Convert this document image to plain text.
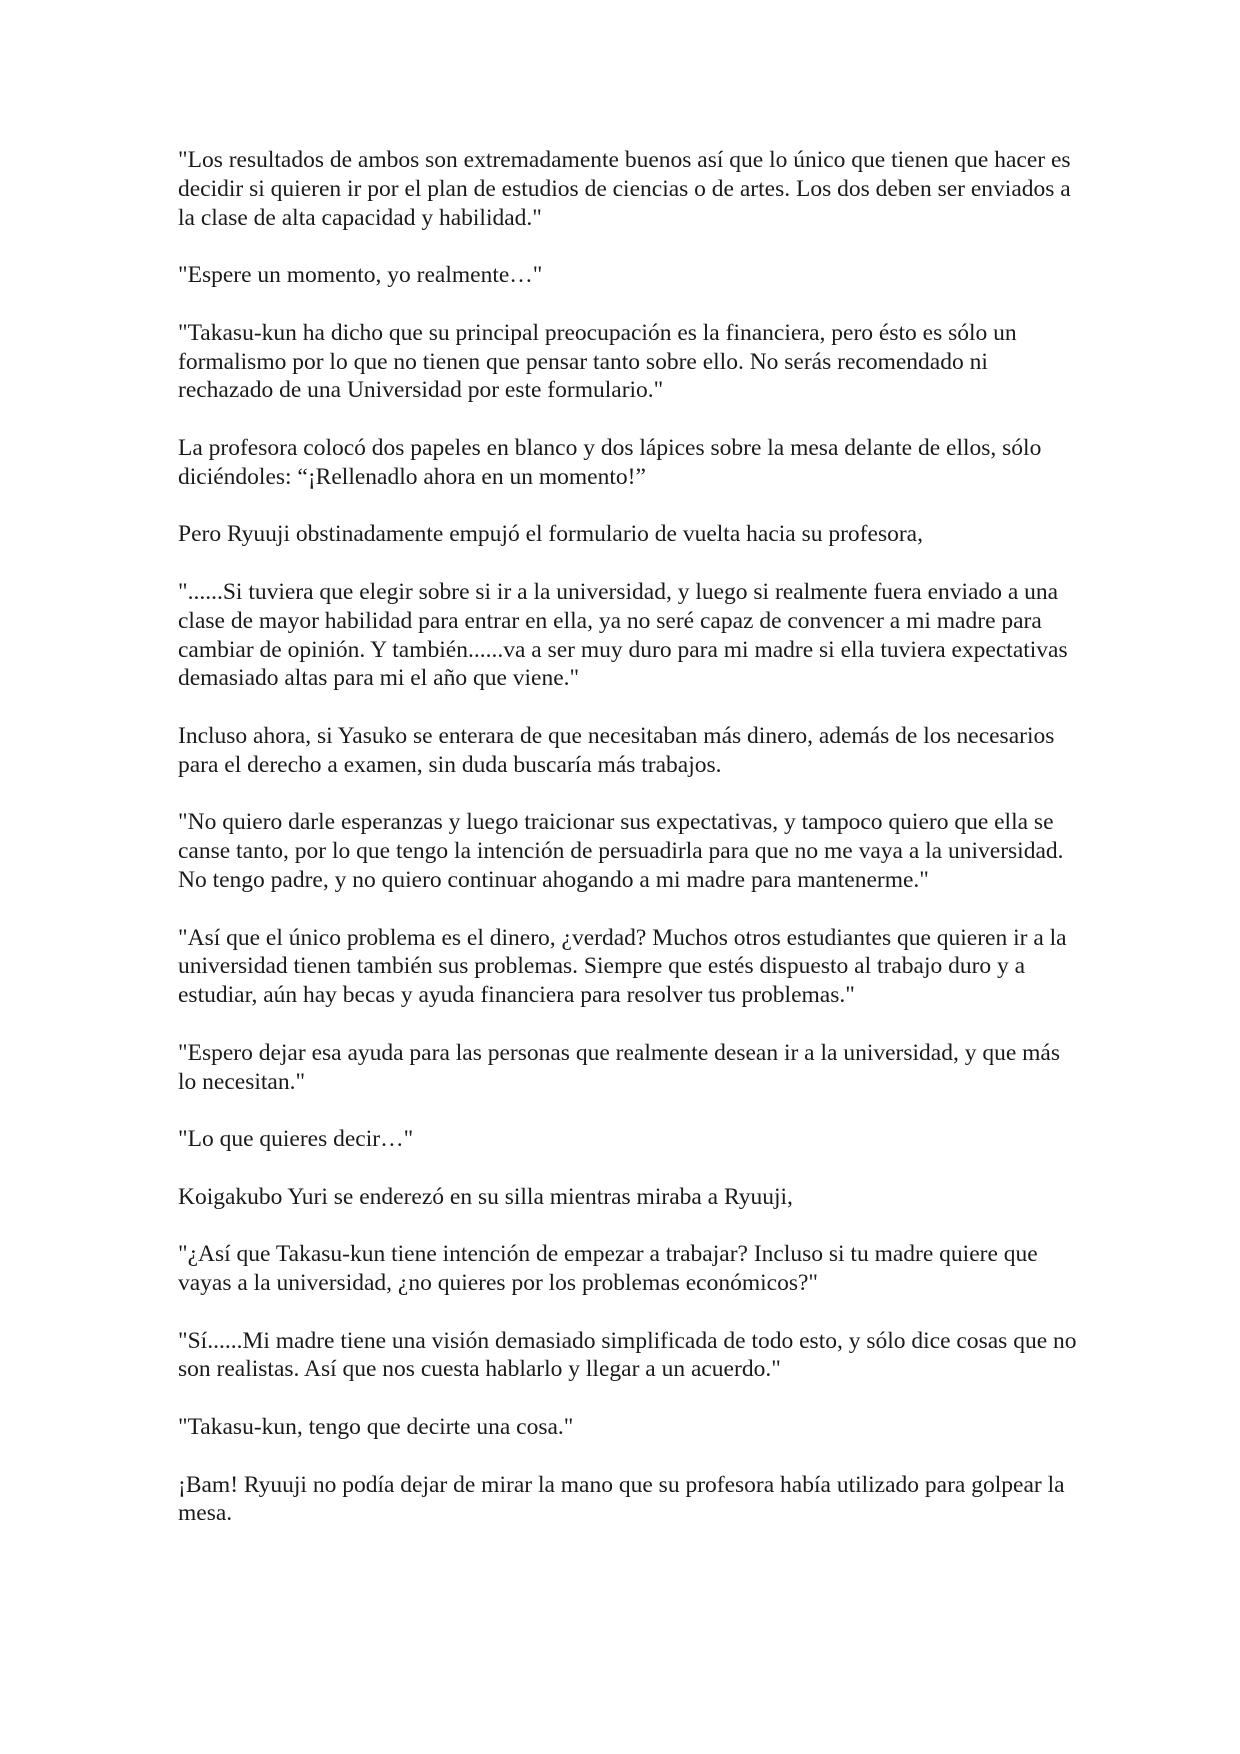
"Los resultados de ambos son extremadamente buenos así que lo único que tienen que hacer es decidir si quieren ir por el plan de estudios de ciencias o de artes. Los dos deben ser enviados a la clase de alta capacidad y habilidad."

"Espere un momento, yo realmente…"

"Takasu-kun ha dicho que su principal preocupación es la financiera, pero ésto es sólo un formalismo por lo que no tienen que pensar tanto sobre ello. No serás recomendado ni rechazado de una Universidad por este formulario."

La profesora colocó dos papeles en blanco y dos lápices sobre la mesa delante de ellos, sólo diciéndoles: “¡Rellenadlo ahora en un momento!”

Pero Ryuuji obstinadamente empujó el formulario de vuelta hacia su profesora,

"......Si tuviera que elegir sobre si ir a la universidad, y luego si realmente fuera enviado a una clase de mayor habilidad para entrar en ella, ya no seré capaz de convencer a mi madre para cambiar de opinión. Y también......va a ser muy duro para mi madre si ella tuviera expectativas demasiado altas para mi el año que viene."

Incluso ahora, si Yasuko se enterara de que necesitaban más dinero, además de los necesarios para el derecho a examen, sin duda buscaría más trabajos.

"No quiero darle esperanzas y luego traicionar sus expectativas, y tampoco quiero que ella se canse tanto, por lo que tengo la intención de persuadirla para que no me vaya a la universidad. No tengo padre, y no quiero continuar ahogando a mi madre para mantenerme."

"Así que el único problema es el dinero, ¿verdad? Muchos otros estudiantes que quieren ir a la universidad tienen también sus problemas. Siempre que estés dispuesto al trabajo duro y a estudiar, aún hay becas y ayuda financiera para resolver tus problemas."

"Espero dejar esa ayuda para las personas que realmente desean ir a la universidad, y que más lo necesitan."

"Lo que quieres decir…"

Koigakubo Yuri se enderezó en su silla mientras miraba a Ryuuji,

"¿Así que Takasu-kun tiene intención de empezar a trabajar? Incluso si tu madre quiere que vayas a la universidad, ¿no quieres por los problemas económicos?"

"Sí......Mi madre tiene una visión demasiado simplificada de todo esto, y sólo dice cosas que no son realistas. Así que nos cuesta hablarlo y llegar a un acuerdo."

"Takasu-kun, tengo que decirte una cosa."

¡Bam! Ryuuji no podía dejar de mirar la mano que su profesora había utilizado para golpear la mesa.
